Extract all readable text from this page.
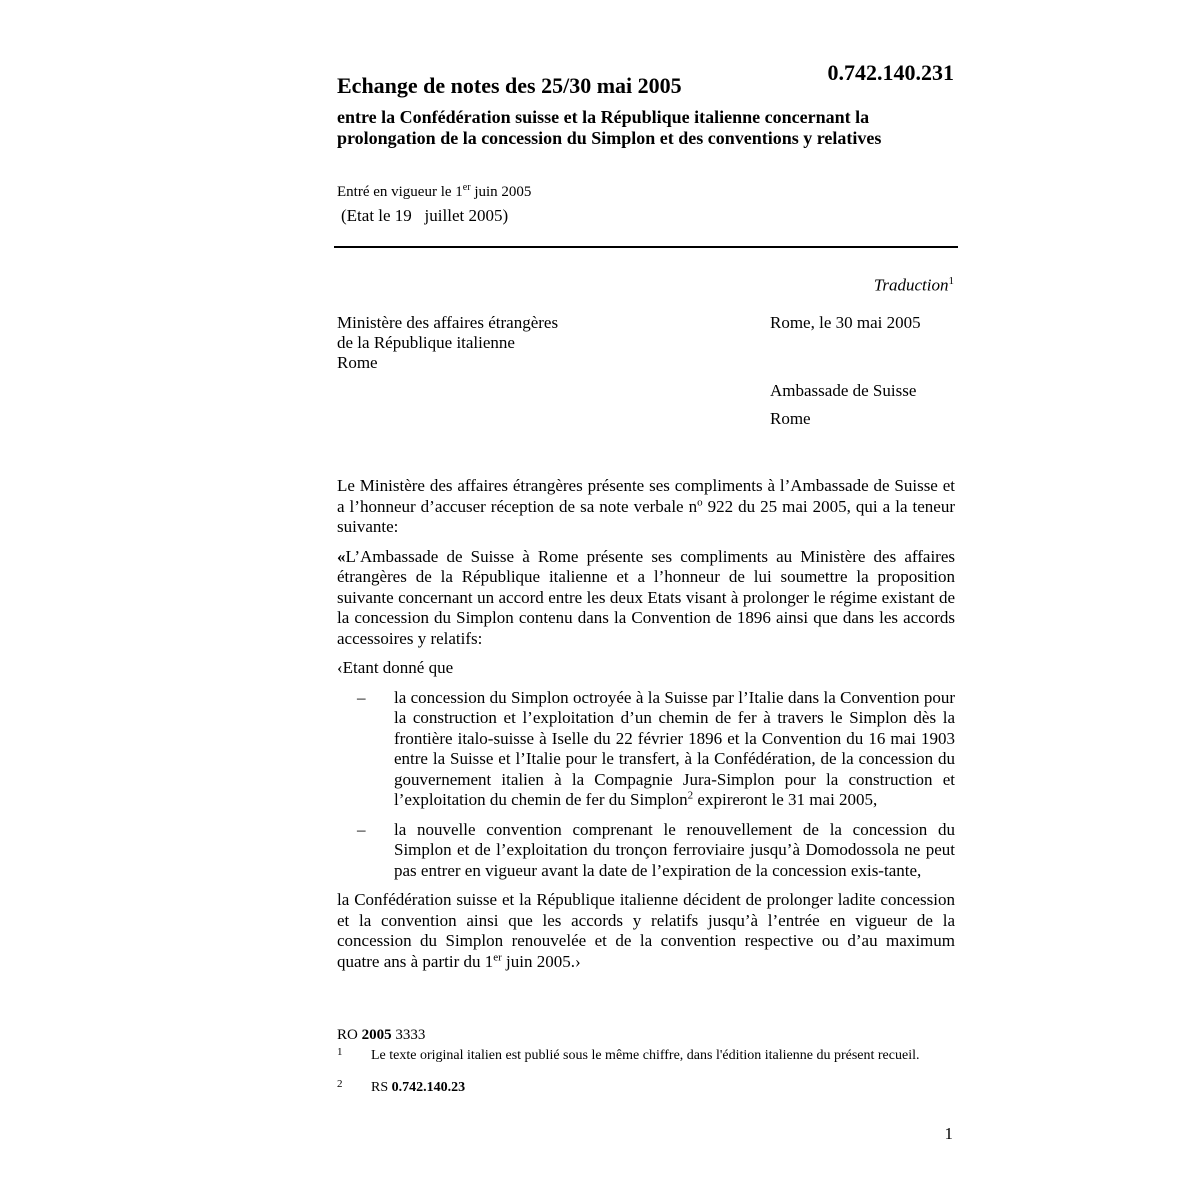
0.742.140.231
Echange de notes des 25/30 mai 2005
entre la Confédération suisse et la République italienne concernant la prolongation de la concession du Simplon et des conventions y relatives
Entré en vigueur le 1er juin 2005
(Etat le 19   juillet 2005)
Traduction$^1$
Ministère des affaires étrangères
de la République italienne
Rome
Rome, le 30 mai 2005
Ambassade de Suisse
Rome

Le Ministère des affaires étrangères présente ses compliments à l’Ambassade de Suisse et a l’honneur d’accuser réception de sa note verbale $n^o$ 922 du 25 mai 2005, qui a la teneur suivante:

«L’Ambassade de Suisse à Rome présente ses compliments au Ministère des affaires étrangères de la République italienne et a l’honneur de lui soumettre la proposition suivante concernant un accord entre les deux Etats visant à prolonger le régime existant de la concession du Simplon contenu dans la Convention de 1896 ainsi que dans les accords accessoires y relatifs:

‹Etant donné que

– la concession du Simplon octroyée à la Suisse par l’Italie dans la Convention pour la construction et l’exploitation d’un chemin de fer à travers le Simplon dès la frontière italo-suisse à Iselle du 22 février 1896 et la Convention du 16 mai 1903 entre la Suisse et l’Italie pour le transfert, à la Confédération, de la concession du gouvernement italien à la Compagnie Jura-Simplon pour la construction et l’exploitation du chemin de fer du Simplon$^2$ expireront le 31 mai 2005,
– la nouvelle convention comprenant le renouvellement de la concession du Simplon et de l’exploitation du tronçon ferroviaire jusqu’à Domodossola ne peut pas entrer en vigueur avant la date de l’expiration de la concession exis-tante,

la Confédération suisse et la République italienne décident de prolonger ladite concession et la convention ainsi que les accords y relatifs jusqu’à l’entrée en vigueur de la concession du Simplon renouvelée et de la convention respective ou d’au maximum quatre ans à partir du 1er juin 2005.›

RO 2005 3333
1 Le texte original italien est publié sous le même chiffre, dans l'édition italienne du présent recueil.
2 RS 0.742.140.23
1
